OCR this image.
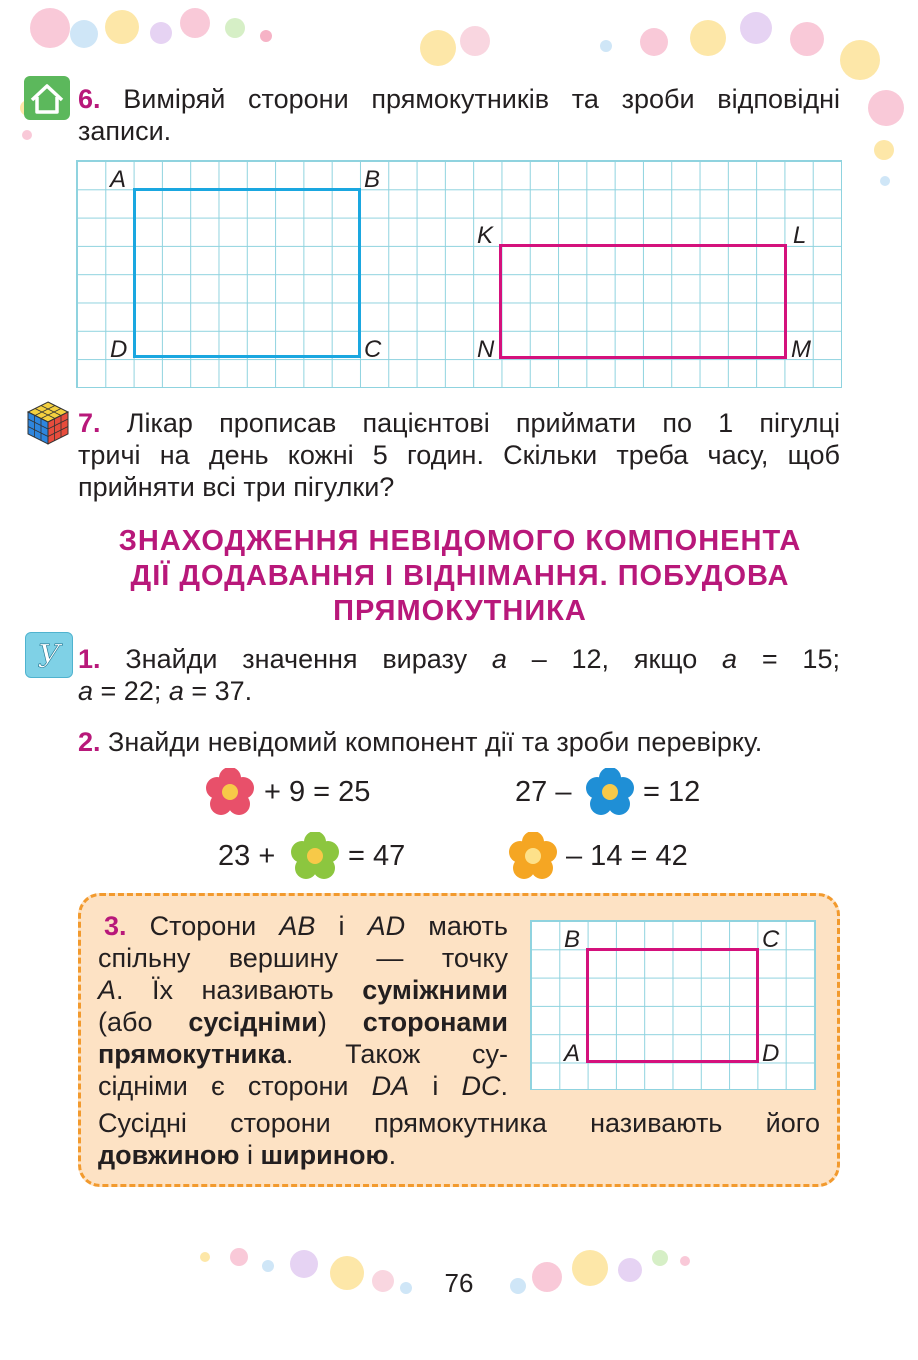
6. Виміряй сторони прямокутників та зроби відповідні
записи.
A	B
C
D
K	L
M
N
7. Лікар прописав пацієнтові приймати по 1 пігулці
тричі на день кожні 5 годин. Скільки треба часу, щоб
прийняти всі три пігулки?
ЗНАХОДЖЕННЯ НЕВІДОМОГО КОМПОНЕНТА
ДІЇ ДОДАВАННЯ І ВІДНІМАННЯ. ПОБУДОВА
ПРЯМОКУТНИКА
У 1. Знайди значення виразу a – 12, якщо a = 15;
a = 22; a = 37.
2. Знайди невідомий компонент дії та зроби перевірку.
+ 9 = 25	27 – = 12
23 +	= 47	– 14 = 42
B	C
A	D
3. Сторони AB і AD мають
спільну вершину — точку
A. Їх називають суміжними
(або сусідніми) сторонами
прямокутника. Також су-
сідніми є сторони DA і DC.
Сусідні сторони прямокутника називають його
довжиною і шириною.
76
